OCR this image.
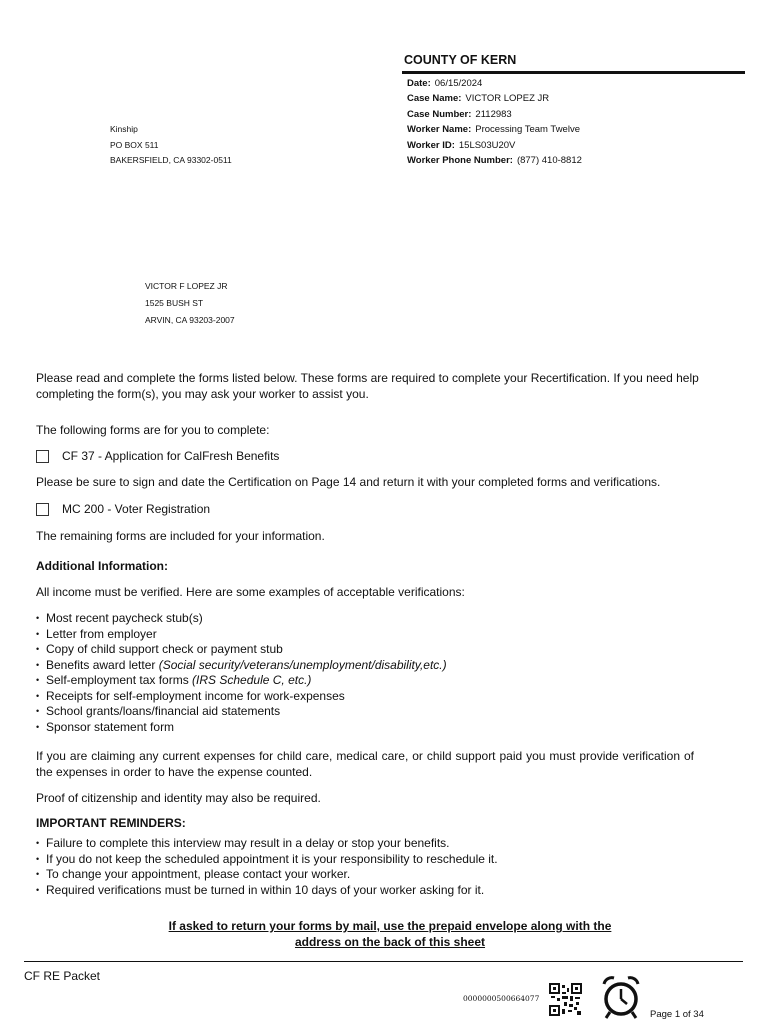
COUNTY OF KERN
Date: 06/15/2024
Case Name: VICTOR LOPEZ JR
Case Number: 2112983
Worker Name: Processing Team Twelve
Worker ID: 15LS03U20V
Worker Phone Number: (877) 410-8812
Kinship
PO BOX 511
BAKERSFIELD, CA 93302-0511
VICTOR F LOPEZ JR
1525 BUSH ST
ARVIN, CA 93203-2007
Please read and complete the forms listed below. These forms are required to complete your Recertification. If you need help completing the form(s), you may ask your worker to assist you.
The following forms are for you to complete:
CF 37 - Application for CalFresh Benefits
Please be sure to sign and date the Certification on Page 14 and return it with your completed forms and verifications.
MC 200 - Voter Registration
The remaining forms are included for your information.
Additional Information:
All income must be verified. Here are some examples of acceptable verifications:
• Most recent paycheck stub(s)
• Letter from employer
• Copy of child support check or payment stub
• Benefits award letter (Social security/veterans/unemployment/disability,etc.)
• Self-employment tax forms (IRS Schedule C, etc.)
• Receipts for self-employment income for work-expenses
• School grants/loans/financial aid statements
• Sponsor statement form
If you are claiming any current expenses for child care, medical care, or child support paid you must provide verification of the expenses in order to have the expense counted.
Proof of citizenship and identity may also be required.
IMPORTANT REMINDERS:
• Failure to complete this interview may result in a delay or stop your benefits.
• If you do not keep the scheduled appointment it is your responsibility to reschedule it.
• To change your appointment, please contact your worker.
• Required verifications must be turned in within 10 days of your worker asking for it.
If asked to return your forms by mail, use the prepaid envelope along with the
address on the back of this sheet
CF RE Packet
0000000500664077
Page 1 of 34
